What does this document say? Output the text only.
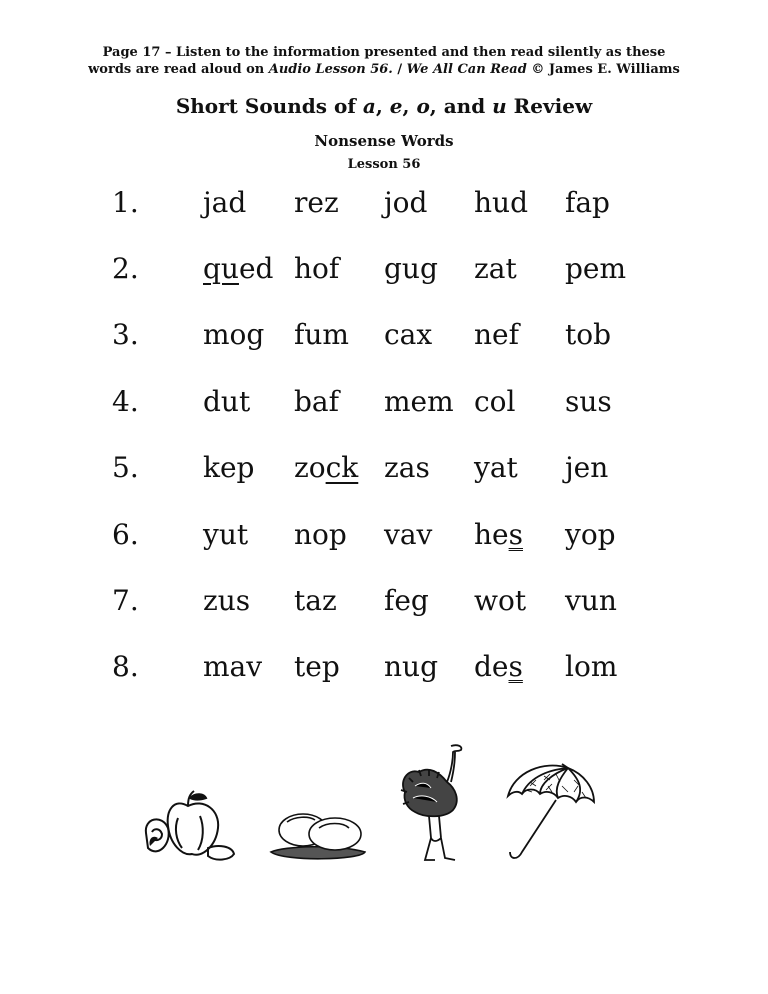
Page 17 – Listen to the information presented and then read silently as these
words are read aloud on Audio Lesson 56. / We All Can Read © James E. Williams
Short Sounds of a, e, o, and u Review
Nonsense Words
Lesson 56
1. jad rez jod hud fap
2. qued hof gug zat pem
3. mog fum cax nef tob
4. dut baf mem col sus
5. kep zock zas yat jen
6. yut nop vav hes yop
7. zus taz feg wot vun
8. mav tep nug des lom
